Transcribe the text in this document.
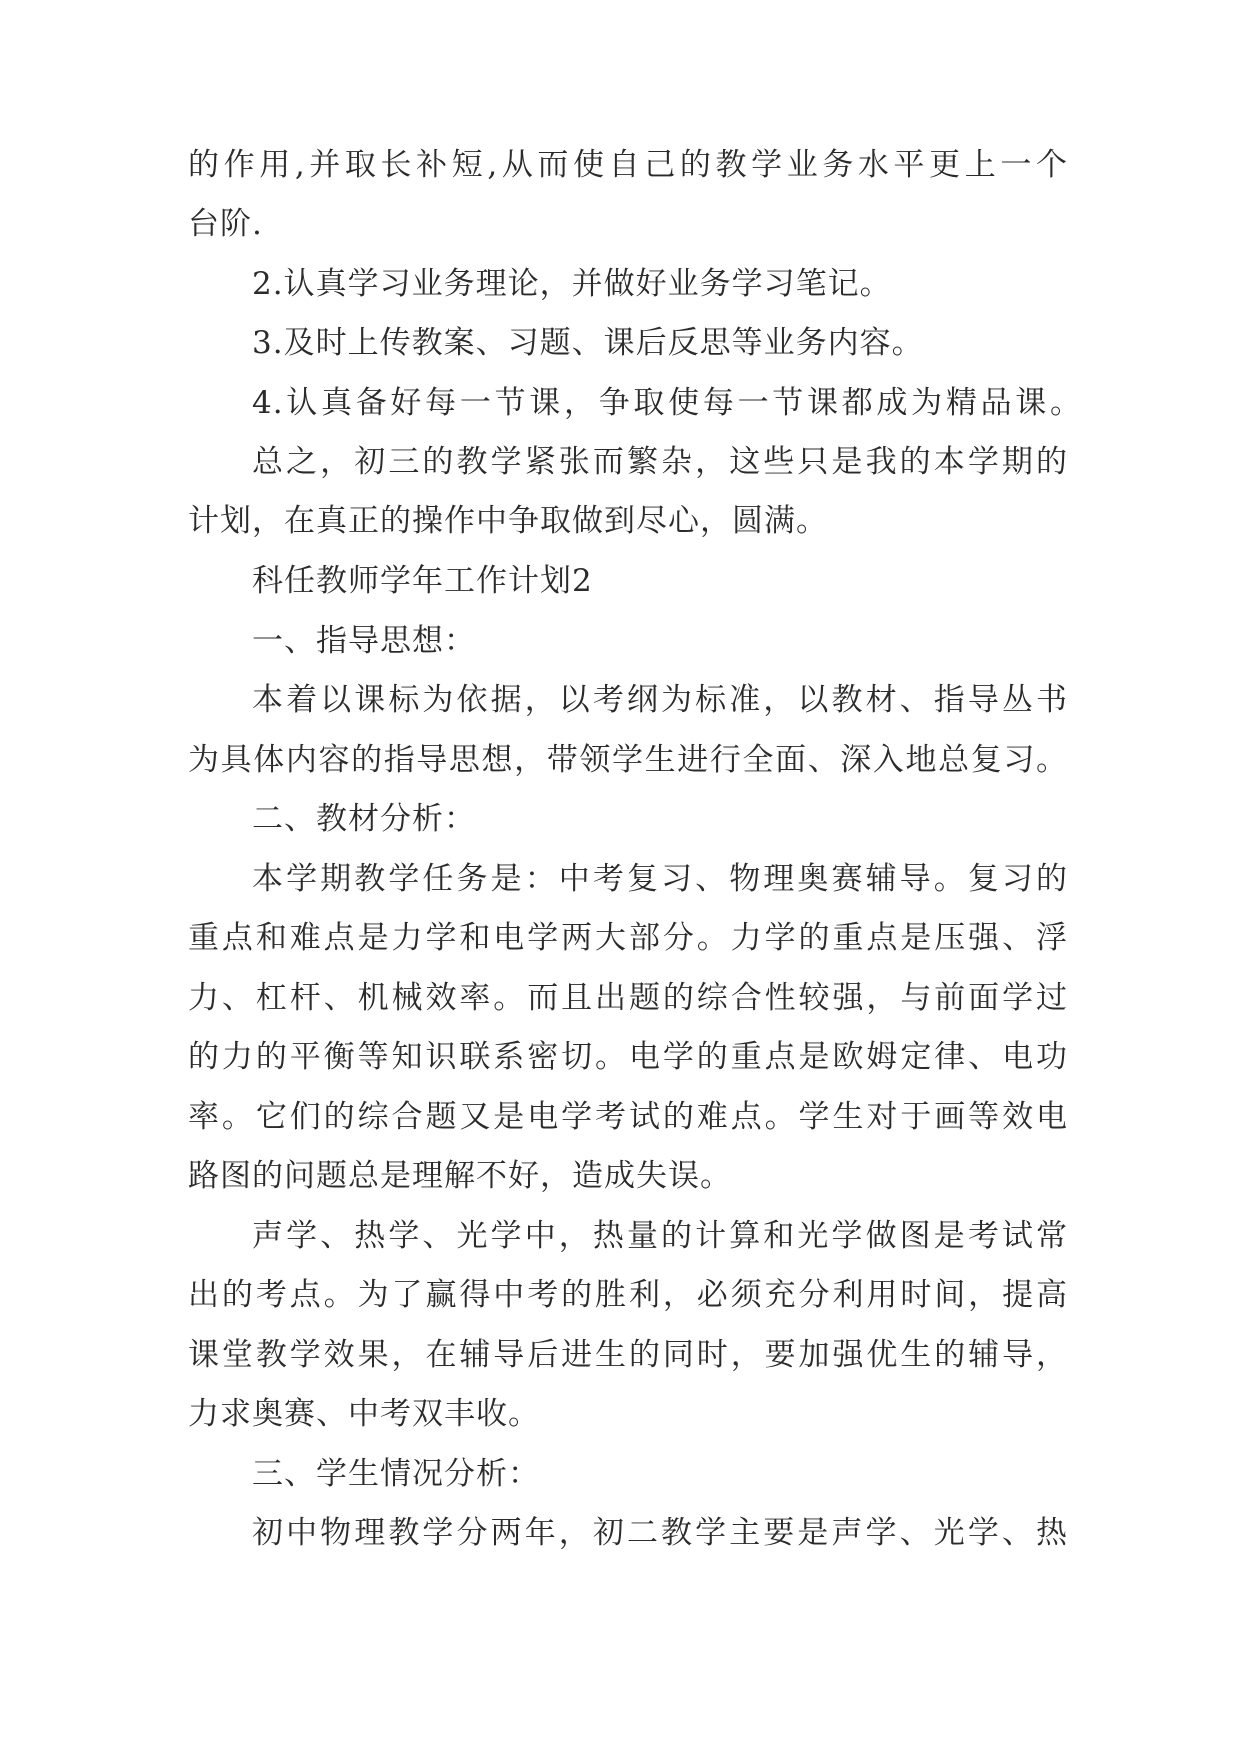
的作用,并取长补短,从而使自己的教学业务水平更上一个
台阶.
2.认真学习业务理论，并做好业务学习笔记。
3.及时上传教案、习题、课后反思等业务内容。
4.认真备好每一节课，争取使每一节课都成为精品课。
总之，初三的教学紧张而繁杂，这些只是我的本学期的
计划，在真正的操作中争取做到尽心，圆满。
科任教师学年工作计划2
一、指导思想：
本着以课标为依据，以考纲为标准，以教材、指导丛书
为具体内容的指导思想，带领学生进行全面、深入地总复习。
二、教材分析：
本学期教学任务是：中考复习、物理奥赛辅导。复习的
重点和难点是力学和电学两大部分。力学的重点是压强、浮
力、杠杆、机械效率。而且出题的综合性较强，与前面学过
的力的平衡等知识联系密切。电学的重点是欧姆定律、电功
率。它们的综合题又是电学考试的难点。学生对于画等效电
路图的问题总是理解不好，造成失误。
声学、热学、光学中，热量的计算和光学做图是考试常
出的考点。为了赢得中考的胜利，必须充分利用时间，提高
课堂教学效果，在辅导后进生的同时，要加强优生的辅导，
力求奥赛、中考双丰收。
三、学生情况分析：
初中物理教学分两年，初二教学主要是声学、光学、热
